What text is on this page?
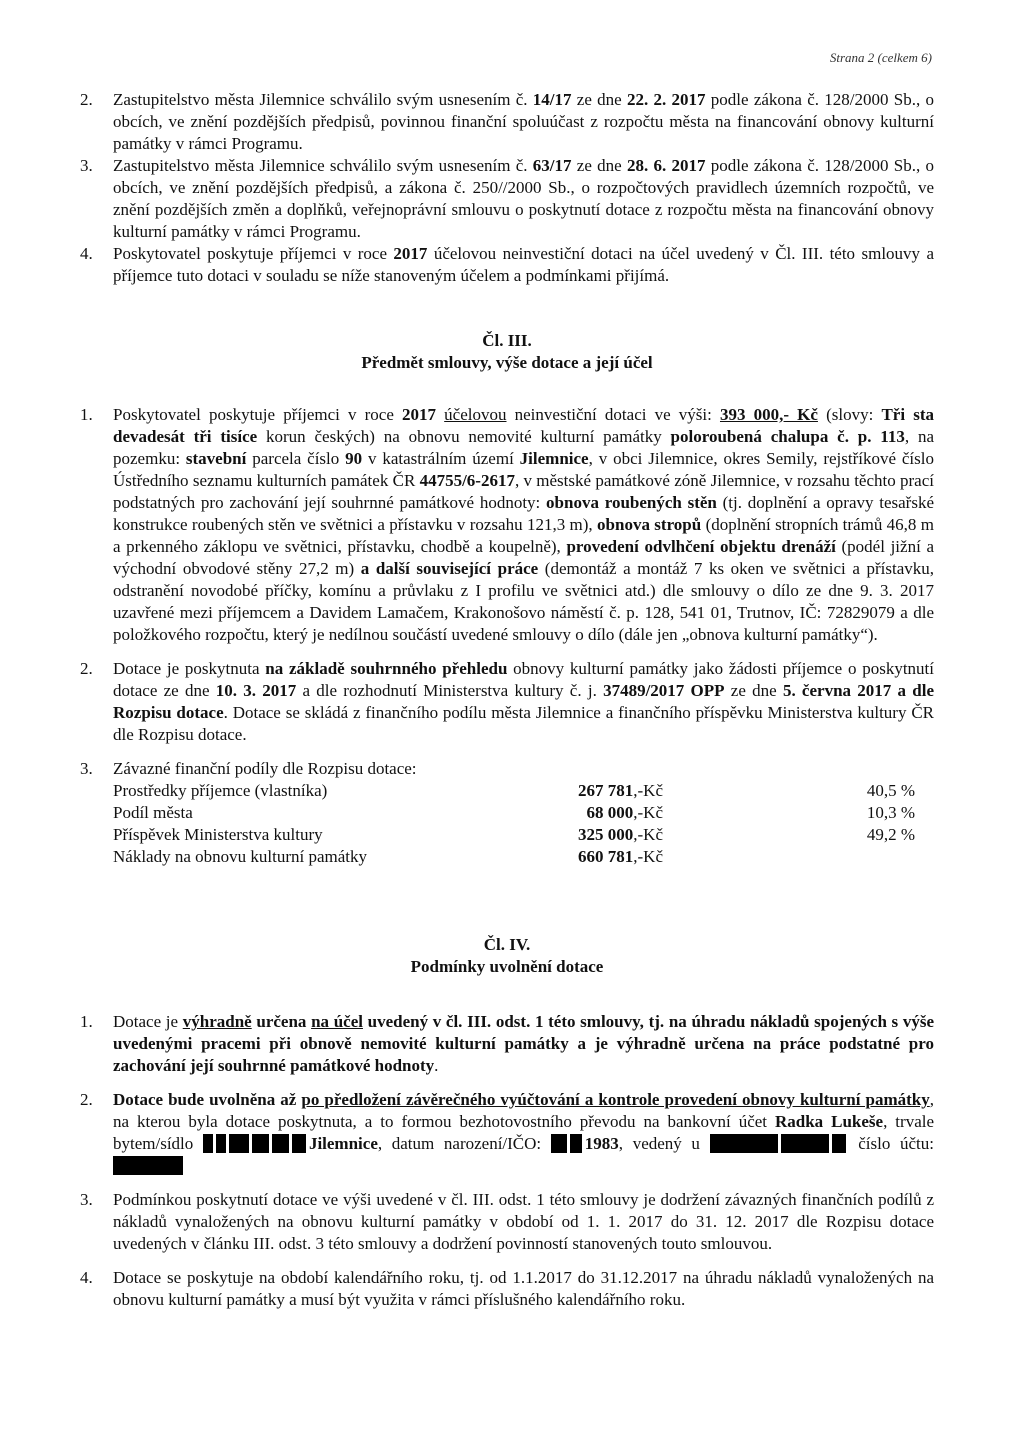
Strana 2 (celkem 6)
2.	Zastupitelstvo města Jilemnice schválilo svým usnesením č. 14/17 ze dne 22. 2. 2017 podle zákona č. 128/2000 Sb., o obcích, ve znění pozdějších předpisů, povinnou finanční spoluúčast z rozpočtu města na financování obnovy kulturní památky v rámci Programu.

3.	Zastupitelstvo města Jilemnice schválilo svým usnesením č. 63/17 ze dne 28. 6. 2017 podle zákona č. 128/2000 Sb., o obcích, ve znění pozdějších předpisů, a zákona č. 250//2000 Sb., o rozpočtových pravidlech územních rozpočtů, ve znění pozdějších změn a doplňků, veřejnoprávní smlouvu o poskytnutí dotace z rozpočtu města na financování obnovy kulturní památky v rámci Programu.

4.	Poskytovatel poskytuje příjemci v roce 2017 účelovou neinvestiční dotaci na účel uvedený v Čl. III. této smlouvy a příjemce tuto dotaci v souladu se níže stanoveným účelem a podmínkami přijímá.

Čl. III.
Předmět smlouvy, výše dotace a její účel
1.	Poskytovatel poskytuje příjemci v roce 2017 účelovou neinvestiční dotaci ve výši: 393 000,- Kč (slovy: Tři sta devadesát tři tisíce korun českých) na obnovu nemovité kulturní památky poloroubená chalupa č. p. 113, na pozemku: stavební parcela číslo 90 v katastrálním území Jilemnice, v obci Jilemnice, okres Semily, rejstříkové číslo Ústředního seznamu kulturních památek ČR 44755/6-2617, v městské památkové zóně Jilemnice, v rozsahu těchto prací podstatných pro zachování její souhrnné památkové hodnoty: obnova roubených stěn (tj. doplnění a opravy tesařské konstrukce roubených stěn ve světnici a přístavku v rozsahu 121,3 m), obnova stropů (doplnění stropních trámů 46,8 m a prkenného záklopu ve světnici, přístavku, chodbě a koupelně), provedení odvlhčení objektu drenáží (podél jižní a východní obvodové stěny 27,2 m) a další související práce (demontáž a montáž 7 ks oken ve světnici a přístavku, odstranění novodobé příčky, komínu a průvlaku z I profilu ve světnici atd.) dle smlouvy o dílo ze dne 9. 3. 2017 uzavřené mezi příjemcem a Davidem Lamačem, Krakonošovo náměstí č. p. 128, 541 01, Trutnov, IČ: 72829079 a dle položkového rozpočtu, který je nedílnou součástí uvedené smlouvy o dílo (dále jen „obnova kulturní památky“).

2.	Dotace je poskytnuta na základě souhrnného přehledu obnovy kulturní památky jako žádosti příjemce o poskytnutí dotace ze dne 10. 3. 2017 a dle rozhodnutí Ministerstva kultury č. j. 37489/2017 OPP ze dne 5. června 2017 a dle Rozpisu dotace. Dotace se skládá z finančního podílu města Jilemnice a finančního příspěvku Ministerstva kultury ČR dle Rozpisu dotace.

3.	Závazné finanční podíly dle Rozpisu dotace:
Prostředky příjemce (vlastníka)	267 781,-Kč	40,5 %
Podíl města	68 000,-Kč	10,3 %
Příspěvek Ministerstva kultury	325 000,-Kč	49,2 %
Náklady na obnovu kulturní památky	660 781,-Kč
Čl. IV.
Podmínky uvolnění dotace
1.	Dotace je výhradně určena na účel uvedený v čl. III. odst. 1 této smlouvy, tj. na úhradu nákladů spojených s výše uvedenými pracemi při obnově nemovité kulturní památky a je výhradně určena na práce podstatné pro zachování její souhrnné památkové hodnoty.

2.	Dotace bude uvolněna až po předložení závěrečného vyúčtování a kontrole provedení obnovy kulturní památky, na kterou byla dotace poskytnuta, a to formou bezhotovostního převodu na bankovní účet Radka Lukeše, trvale bytem/sídlo	Jilemnice, datum narození/IČO: 1983, vedený u	číslo účtu:

3.	Podmínkou poskytnutí dotace ve výši uvedené v čl. III. odst. 1 této smlouvy je dodržení závazných finančních podílů z nákladů vynaložených na obnovu kulturní památky v období od 1. 1. 2017 do 31. 12. 2017 dle Rozpisu dotace uvedených v článku III. odst. 3 této smlouvy a dodržení povinností stanovených touto smlouvou.

4.	Dotace se poskytuje na období kalendářního roku, tj. od 1.1.2017 do 31.12.2017 na úhradu nákladů vynaložených na obnovu kulturní památky a musí být využita v rámci příslušného kalendářního roku.
